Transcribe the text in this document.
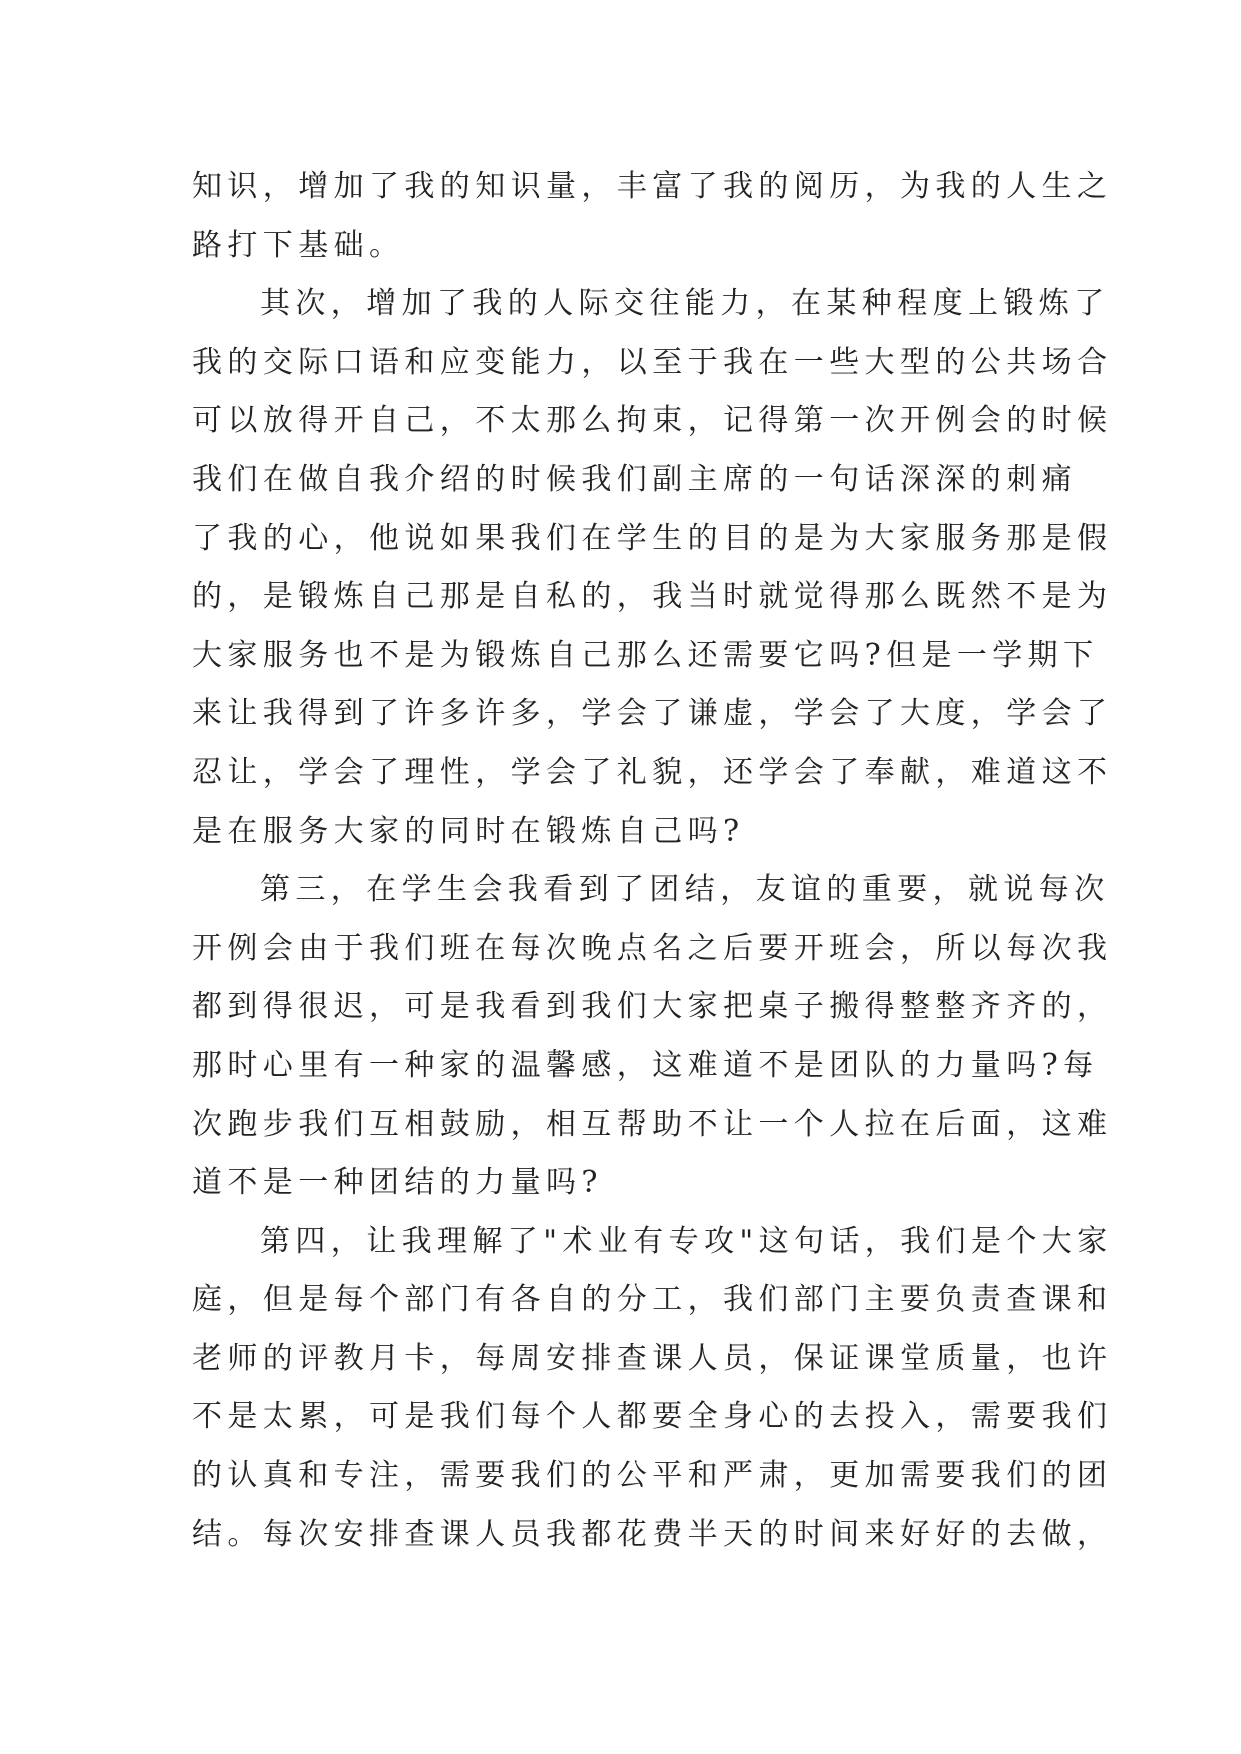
知识，增加了我的知识量，丰富了我的阅历，为我的人生之
路打下基础。
其次，增加了我的人际交往能力，在某种程度上锻炼了
我的交际口语和应变能力，以至于我在一些大型的公共场合
可以放得开自己，不太那么拘束，记得第一次开例会的时候
我们在做自我介绍的时候我们副主席的一句话深深的刺痛
了我的心，他说如果我们在学生的目的是为大家服务那是假
的，是锻炼自己那是自私的，我当时就觉得那么既然不是为
大家服务也不是为锻炼自己那么还需要它吗?但是一学期下
来让我得到了许多许多，学会了谦虚，学会了大度，学会了
忍让，学会了理性，学会了礼貌，还学会了奉献，难道这不
是在服务大家的同时在锻炼自己吗?
第三，在学生会我看到了团结，友谊的重要，就说每次
开例会由于我们班在每次晚点名之后要开班会，所以每次我
都到得很迟，可是我看到我们大家把桌子搬得整整齐齐的，
那时心里有一种家的温馨感，这难道不是团队的力量吗?每
次跑步我们互相鼓励，相互帮助不让一个人拉在后面，这难
道不是一种团结的力量吗?
第四，让我理解了"术业有专攻"这句话，我们是个大家
庭，但是每个部门有各自的分工，我们部门主要负责查课和
老师的评教月卡，每周安排查课人员，保证课堂质量，也许
不是太累，可是我们每个人都要全身心的去投入，需要我们
的认真和专注，需要我们的公平和严肃，更加需要我们的团
结。每次安排查课人员我都花费半天的时间来好好的去做，
